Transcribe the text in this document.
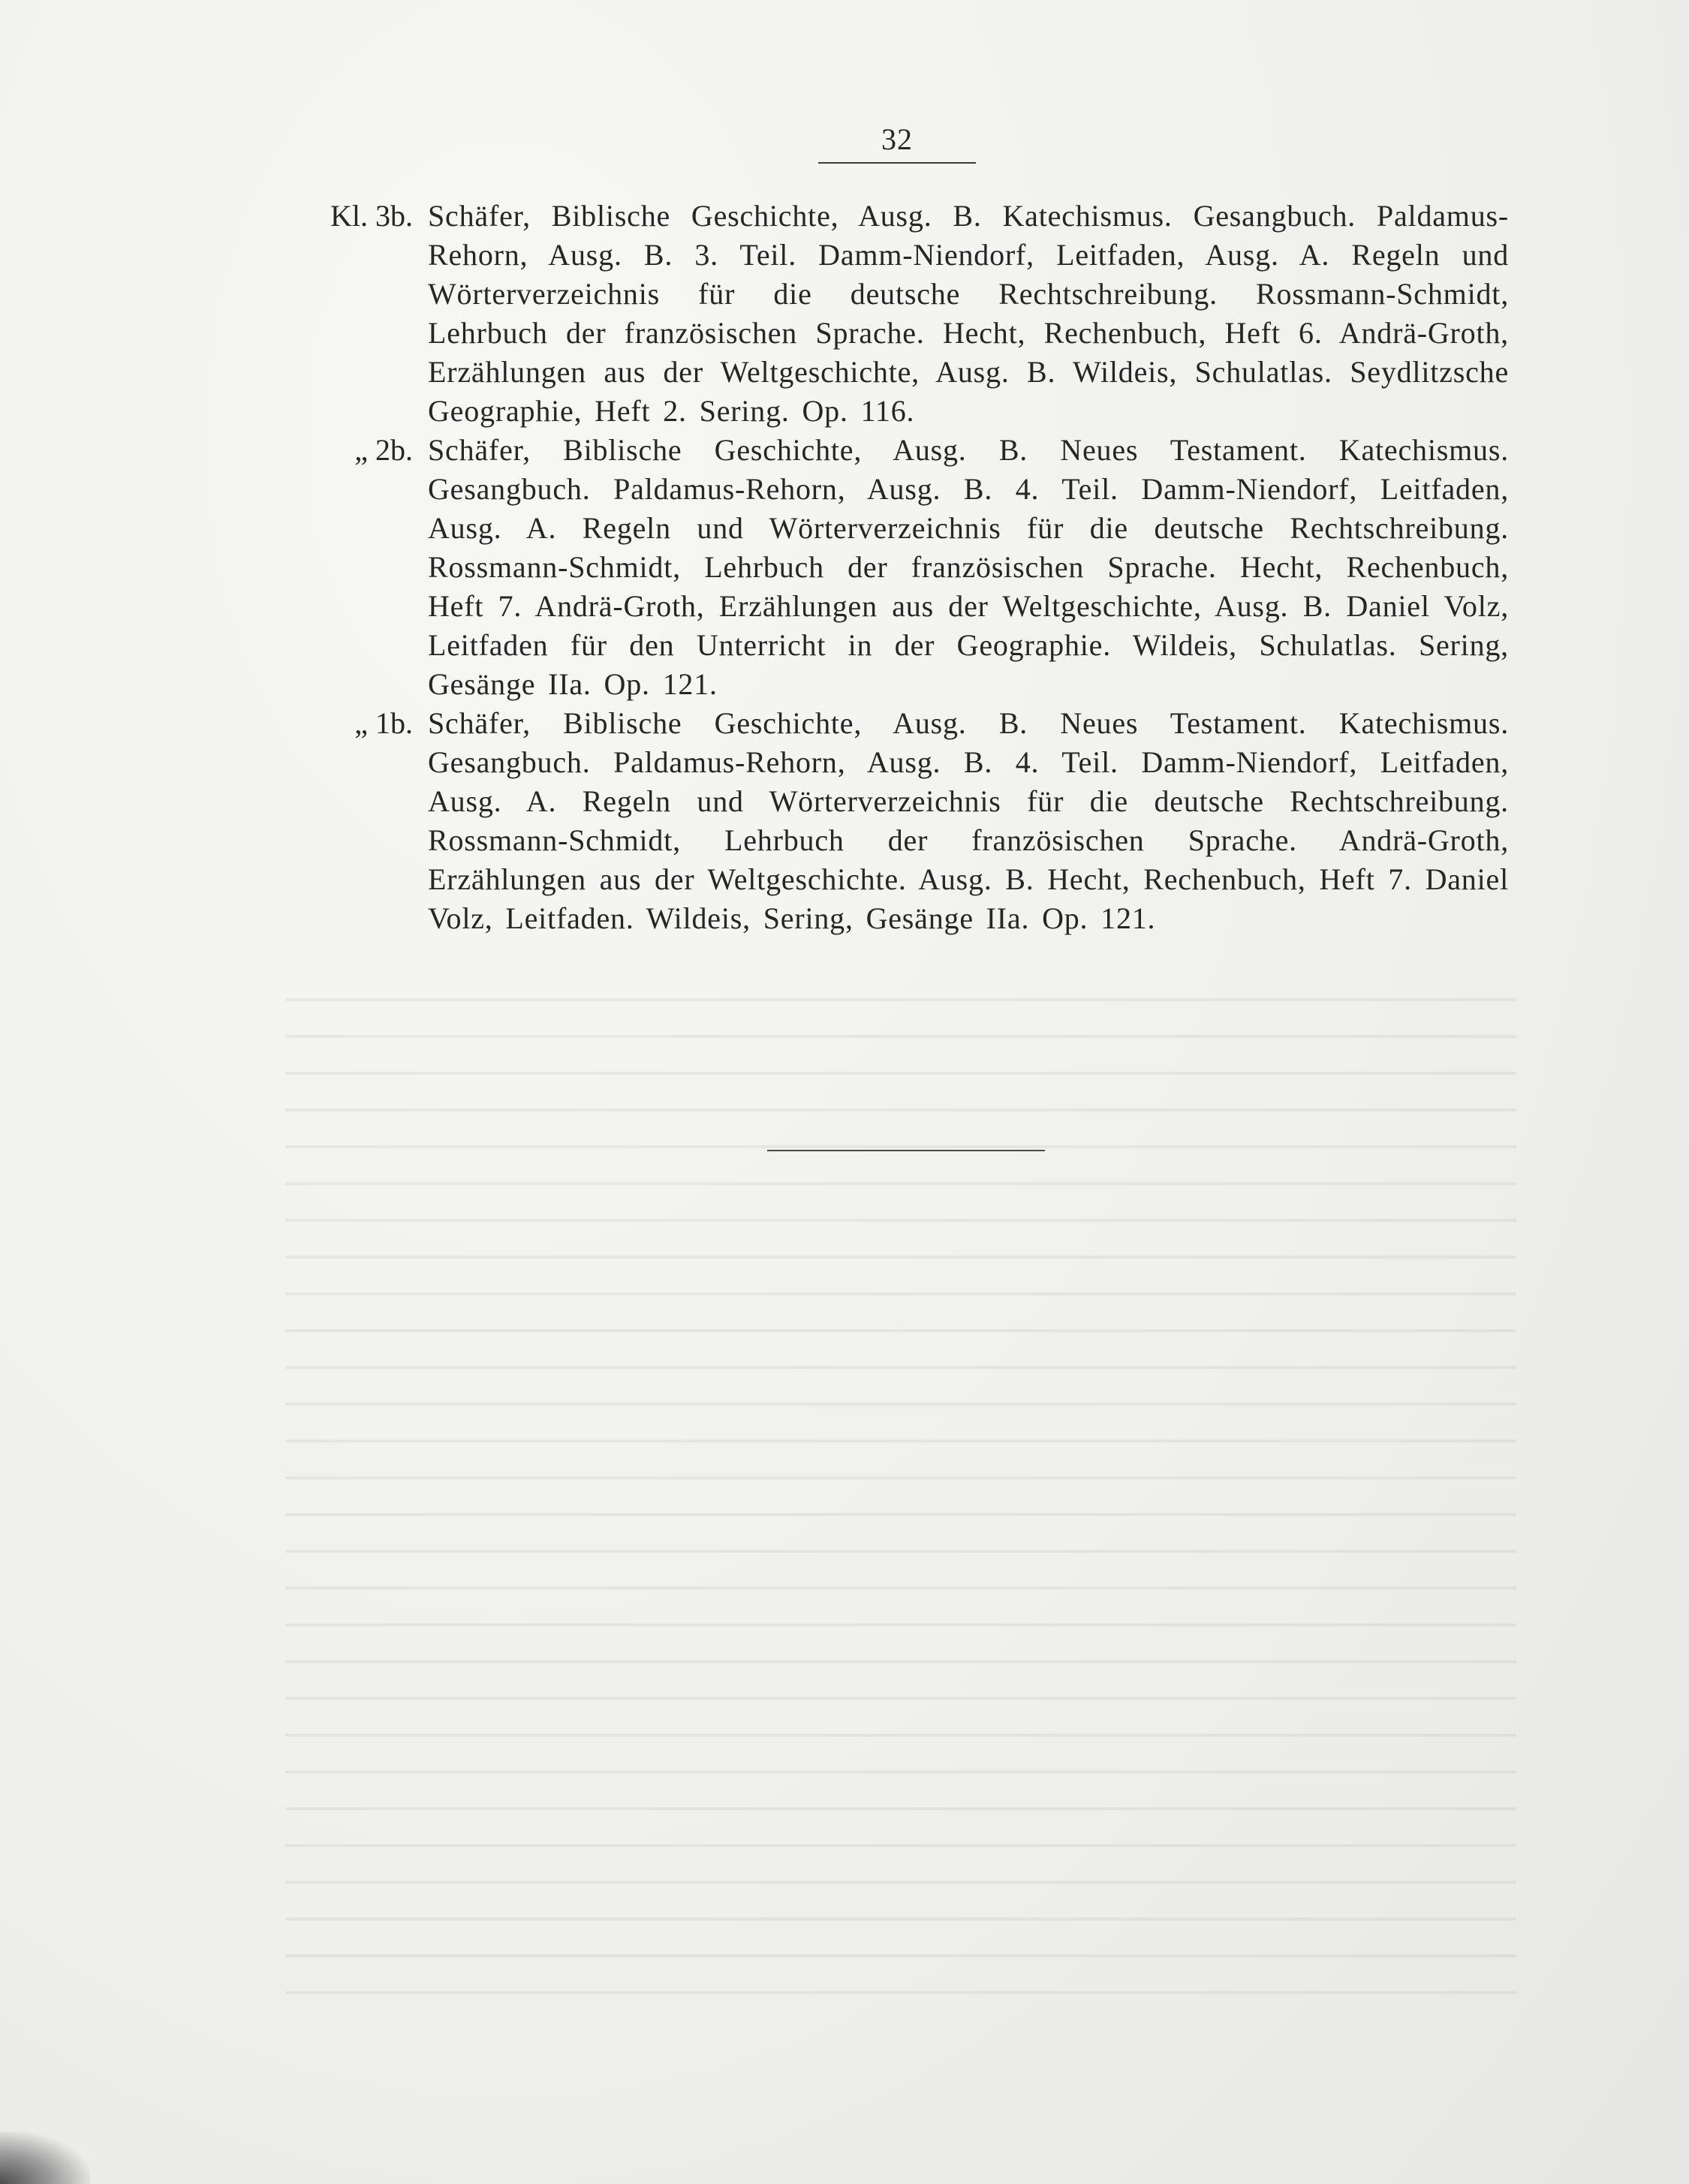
32
Kl. 3b. Schäfer, Biblische Geschichte, Ausg. B. Katechismus. Gesangbuch. Paldamus-Rehorn, Ausg. B. 3. Teil. Damm-Niendorf, Leitfaden, Ausg. A. Regeln und Wörterverzeichnis für die deutsche Rechtschreibung. Rossmann-Schmidt, Lehrbuch der französischen Sprache. Hecht, Rechenbuch, Heft 6. Andrä-Groth, Erzählungen aus der Weltgeschichte, Ausg. B. Wildeis, Schulatlas. Seydlitzsche Geographie, Heft 2. Sering. Op. 116.
„ 2b. Schäfer, Biblische Geschichte, Ausg. B. Neues Testament. Katechismus. Gesangbuch. Paldamus-Rehorn, Ausg. B. 4. Teil. Damm-Niendorf, Leitfaden, Ausg. A. Regeln und Wörterverzeichnis für die deutsche Rechtschreibung. Rossmann-Schmidt, Lehrbuch der französischen Sprache. Hecht, Rechenbuch, Heft 7. Andrä-Groth, Erzählungen aus der Weltgeschichte, Ausg. B. Daniel Volz, Leitfaden für den Unterricht in der Geographie. Wildeis, Schulatlas. Sering, Gesänge IIa. Op. 121.
„ 1b. Schäfer, Biblische Geschichte, Ausg. B. Neues Testament. Katechismus. Gesangbuch. Paldamus-Rehorn, Ausg. B. 4. Teil. Damm-Niendorf, Leitfaden, Ausg. A. Regeln und Wörterverzeichnis für die deutsche Rechtschreibung. Rossmann-Schmidt, Lehrbuch der französischen Sprache. Andrä-Groth, Erzählungen aus der Weltgeschichte. Ausg. B. Hecht, Rechenbuch, Heft 7. Daniel Volz, Leitfaden. Wildeis, Sering, Gesänge IIa. Op. 121.
